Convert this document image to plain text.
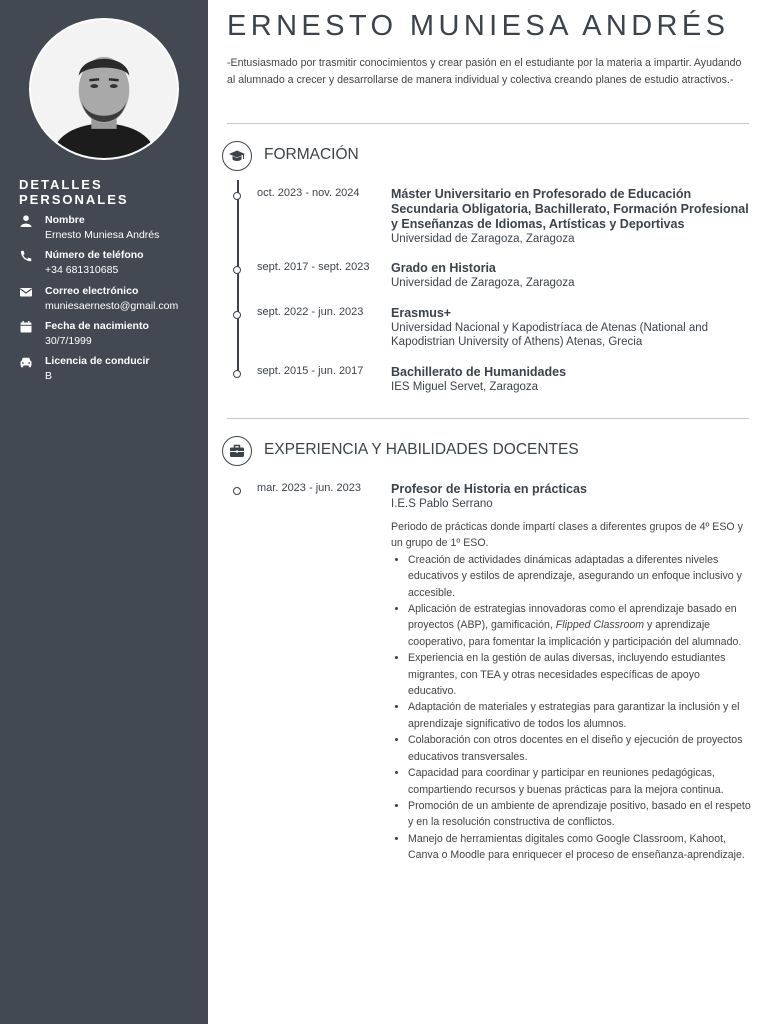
DETALLES PERSONALES
Nombre
Ernesto Muniesa Andrés
Número de teléfono
+34 681310685
Correo electrónico
muniesaernesto@gmail.com
Fecha de nacimiento
30/7/1999
Licencia de conducir
B
ERNESTO MUNIESA ANDRÉS
-Entusiasmado por trasmitir conocimientos y crear pasión en el estudiante por la materia a impartir. Ayudando al alumnado a crecer y desarrollarse de manera individual y colectiva creando planes de estudio atractivos.-
FORMACIÓN
oct. 2023 - nov. 2024	Máster Universitario en Profesorado de Educación Secundaria Obligatoria, Bachillerato, Formación Profesional y Enseñanzas de Idiomas, Artísticas y Deportivas
Universidad de Zaragoza, Zaragoza
sept. 2017 - sept. 2023 Grado en Historia
Universidad de Zaragoza, Zaragoza
sept. 2022 - jun. 2023 Erasmus+
Universidad Nacional y Kapodistríaca de Atenas (National and Kapodistrian University of Athens) Atenas, Grecia
sept. 2015 - jun. 2017 Bachillerato de Humanidades
IES Miguel Servet, Zaragoza
EXPERIENCIA Y HABILIDADES DOCENTES
mar. 2023 - jun. 2023 Profesor de Historia en prácticas
I.E.S Pablo Serrano
Periodo de prácticas donde impartí clases a diferentes grupos de 4º ESO y un grupo de 1º ESO.
• Creación de actividades dinámicas adaptadas a diferentes niveles educativos y estilos de aprendizaje, asegurando un enfoque inclusivo y accesible.
• Aplicación de estrategias innovadoras como el aprendizaje basado en proyectos (ABP), gamificación, Flipped Classroom y aprendizaje cooperativo, para fomentar la implicación y participación del alumnado.
• Experiencia en la gestión de aulas diversas, incluyendo estudiantes migrantes, con TEA y otras necesidades específicas de apoyo educativo.
• Adaptación de materiales y estrategias para garantizar la inclusión y el aprendizaje significativo de todos los alumnos.
• Colaboración con otros docentes en el diseño y ejecución de proyectos educativos transversales.
• Capacidad para coordinar y participar en reuniones pedagógicas, compartiendo recursos y buenas prácticas para la mejora continua.
• Promoción de un ambiente de aprendizaje positivo, basado en el respeto y en la resolución constructiva de conflictos.
• Manejo de herramientas digitales como Google Classroom, Kahoot, Canva o Moodle para enriquecer el proceso de enseñanza-aprendizaje.
